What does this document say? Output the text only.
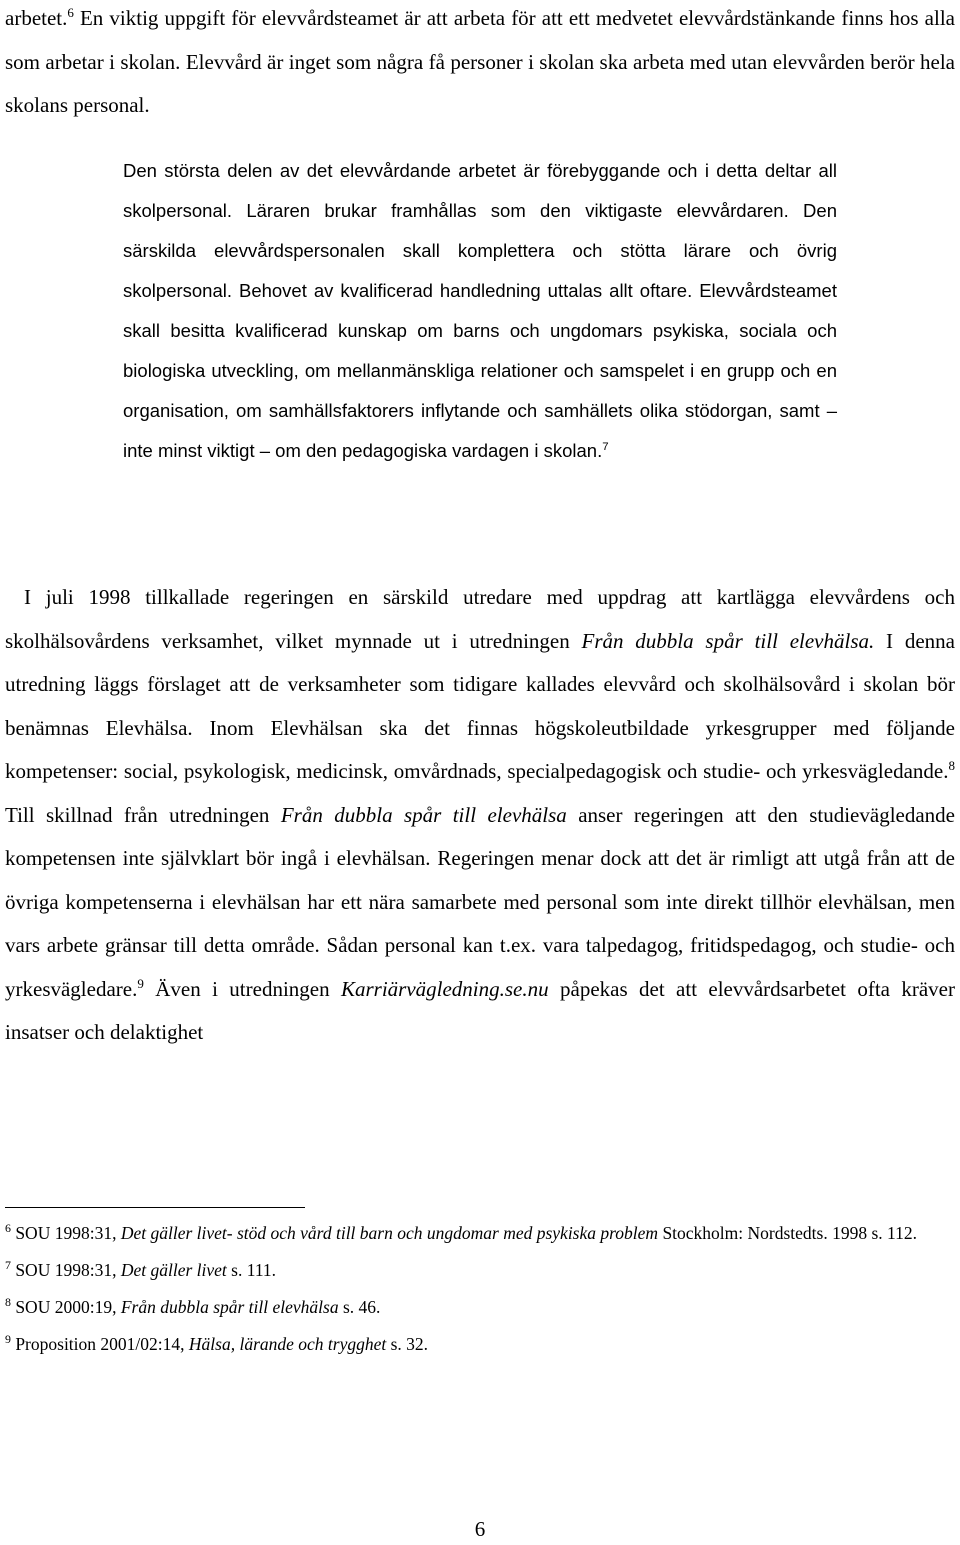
arbetet.$^6$ En viktig uppgift för elevvårdsteamet är att arbeta för att ett medvetet elevvårdstänkande finns hos alla som arbetar i skolan. Elevvård är inget som några få personer i skolan ska arbeta med utan elevvården berör hela skolans personal.

Den största delen av det elevvårdande arbetet är förebyggande och i detta deltar all skolpersonal. Läraren brukar framhållas som den viktigaste elevvårdaren. Den särskilda elevvårdspersonalen skall komplettera och stötta lärare och övrig skolpersonal. Behovet av kvalificerad handledning uttalas allt oftare. Elevvårdsteamet skall besitta kvalificerad kunskap om barns och ungdomars psykiska, sociala och biologiska utveckling, om mellanmänskliga relationer och samspelet i en grupp och en organisation, om samhällsfaktorers inflytande och samhällets olika stödorgan, samt – inte minst viktigt – om den pedagogiska vardagen i skolan.$^7$

I juli 1998 tillkallade regeringen en särskild utredare med uppdrag att kartlägga elevvårdens och skolhälsovårdens verksamhet, vilket mynnade ut i utredningen Från dubbla spår till elevhälsa. I denna utredning läggs förslaget att de verksamheter som tidigare kallades elevvård och skolhälsovård i skolan bör benämnas Elevhälsa. Inom Elevhälsan ska det finnas högskoleutbildade yrkesgrupper med följande kompetenser: social, psykologisk, medicinsk, omvårdnads, specialpedagogisk och studie- och yrkesvägledande.$^8$ Till skillnad från utredningen Från dubbla spår till elevhälsa anser regeringen att den studievägledande kompetensen inte självklart bör ingå i elevhälsan. Regeringen menar dock att det är rimligt att utgå från att de övriga kompetenserna i elevhälsan har ett nära samarbete med personal som inte direkt tillhör elevhälsan, men vars arbete gränsar till detta område. Sådan personal kan t.ex. vara talpedagog, fritidspedagog, och studie- och yrkesvägledare.$^9$ Även i utredningen Karriärvägledning.se.nu påpekas det att elevvårdsarbetet ofta kräver insatser och delaktighet

$^6$ SOU 1998:31, Det gäller livet- stöd och vård till barn och ungdomar med psykiska problem Stockholm: Nordstedts. 1998 s. 112.

$^7$ SOU 1998:31, Det gäller livet s. 111.

$^8$ SOU 2000:19, Från dubbla spår till elevhälsa s. 46.

$^9$ Proposition 2001/02:14, Hälsa, lärande och trygghet s. 32.

6
